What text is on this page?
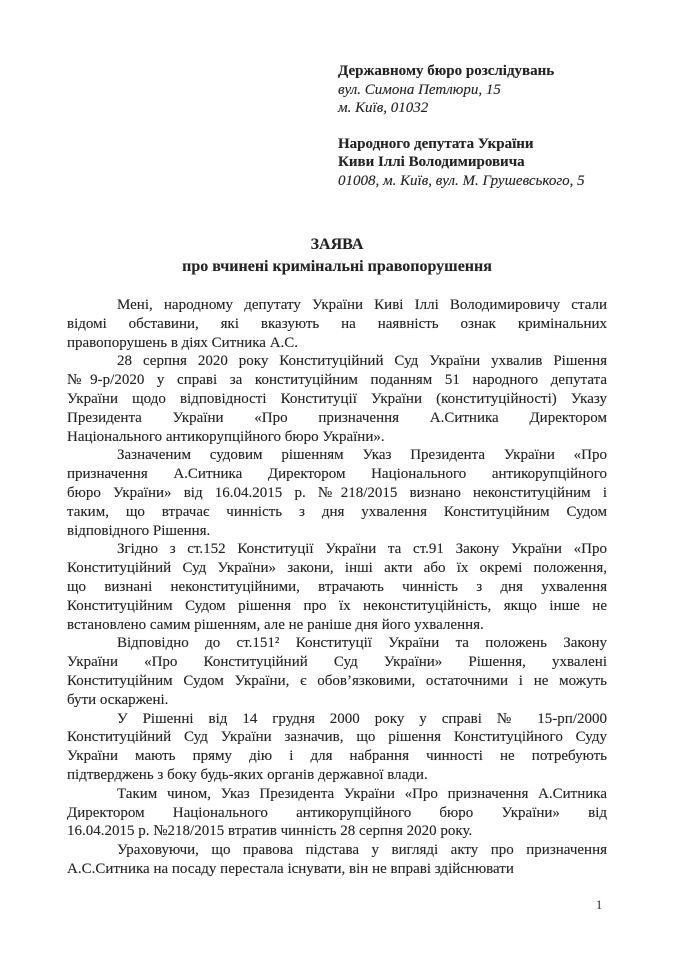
Державному бюро розслідувань
вул. Симона Петлюри, 15
м. Київ, 01032
Народного депутата України
Киви Іллі Володимировича
01008, м. Київ, вул. М. Грушевського, 5
ЗАЯВА
про вчинені кримінальні правопорушення
Мені, народному депутату України Киві Іллі Володимировичу стали
відомі обставини, які вказують на наявність ознак кримінальних
правопорушень в діях Ситника А.С.
28 серпня 2020 року Конституційний Суд України ухвалив Рішення
№9-р/2020 у справі за конституційним поданням 51 народного депутата
України щодо відповідності Конституції України (конституційності) Указу
Президента України «Про призначення А.Ситника Директором
Національного антикорупційного бюро України».
Зазначеним судовим рішенням Указ Президента України «Про
призначення А.Ситника Директором Національного антикорупційного
бюро України» від 16.04.2015 р. №218/2015 визнано неконституційним і
таким, що втрачає чинність з дня ухвалення Конституційним Судом
відповідного Рішення.
Згідно з ст.152 Конституції України та ст.91 Закону України «Про
Конституційний Суд України» закони, інші акти або їх окремі положення,
що визнані неконституційними, втрачають чинність з дня ухвалення
Конституційним Судом рішення про їх неконституційність, якщо інше не
встановлено самим рішенням, але не раніше дня його ухвалення.
Відповідно до ст.151² Конституції України та положень Закону
України «Про Конституційний Суд України» Рішення, ухвалені
Конституційним Судом України, є обов’язковими, остаточними і не можуть
бути оскаржені.
У Рішенні від 14 грудня 2000 року у справі № 15-рп/2000
Конституційний Суд України зазначив, що рішення Конституційного Суду
України мають пряму дію і для набрання чинності не потребують
підтверджень з боку будь-яких органів державної влади.
Таким чином, Указ Президента України «Про призначення А.Ситника
Директором Національного антикорупційного бюро України» від
16.04.2015 р. №218/2015 втратив чинність 28 серпня 2020 року.
Ураховуючи, що правова підстава у вигляді акту про призначення
А.С.Ситника на посаду перестала існувати, він не вправі здійснювати
1
